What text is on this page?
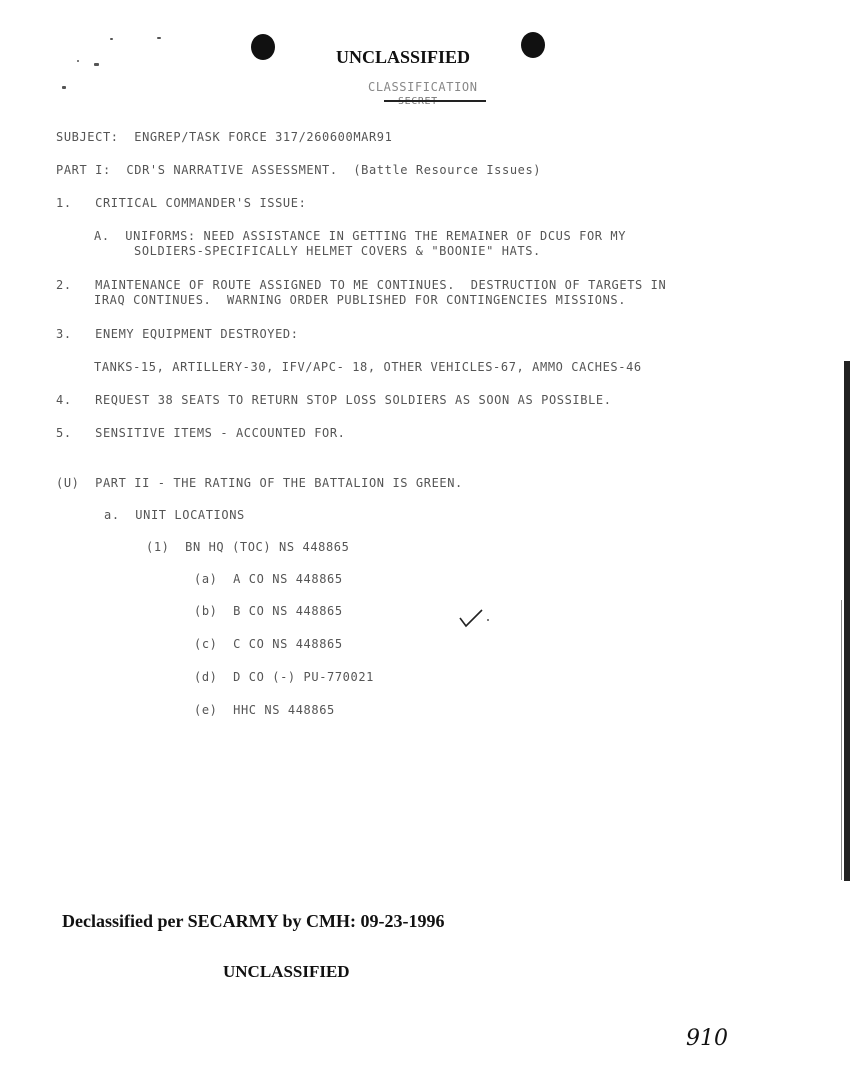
UNCLASSIFIED
CLASSIFICATION
SUBJECT:  ENGREP/TASK FORCE 317/260600MAR91
PART I:  CDR'S NARRATIVE ASSESSMENT.  (Battle Resource Issues)
1.   CRITICAL COMMANDER'S ISSUE:
A.  UNIFORMS: NEED ASSISTANCE IN GETTING THE REMAINER OF DCUS FOR MY
SOLDIERS-SPECIFICALLY HELMET COVERS & "BOONIE" HATS.
2.   MAINTENANCE OF ROUTE ASSIGNED TO ME CONTINUES.  DESTRUCTION OF TARGETS IN
IRAQ CONTINUES.  WARNING ORDER PUBLISHED FOR CONTINGENCIES MISSIONS.
3.   ENEMY EQUIPMENT DESTROYED:
TANKS-15, ARTILLERY-30, IFV/APC- 18, OTHER VEHICLES-67, AMMO CACHES-46
4.   REQUEST 38 SEATS TO RETURN STOP LOSS SOLDIERS AS SOON AS POSSIBLE.
5.   SENSITIVE ITEMS - ACCOUNTED FOR.
(U)  PART II - THE RATING OF THE BATTALION IS GREEN.
a.  UNIT LOCATIONS
(1)  BN HQ (TOC) NS 448865
(a)  A CO NS 448865
(b)  B CO NS 448865
(c)  C CO NS 448865
(d)  D CO (-) PU-770021
(e)  HHC NS 448865
Declassified per SECARMY by CMH: 09-23-1996
UNCLASSIFIED
910
